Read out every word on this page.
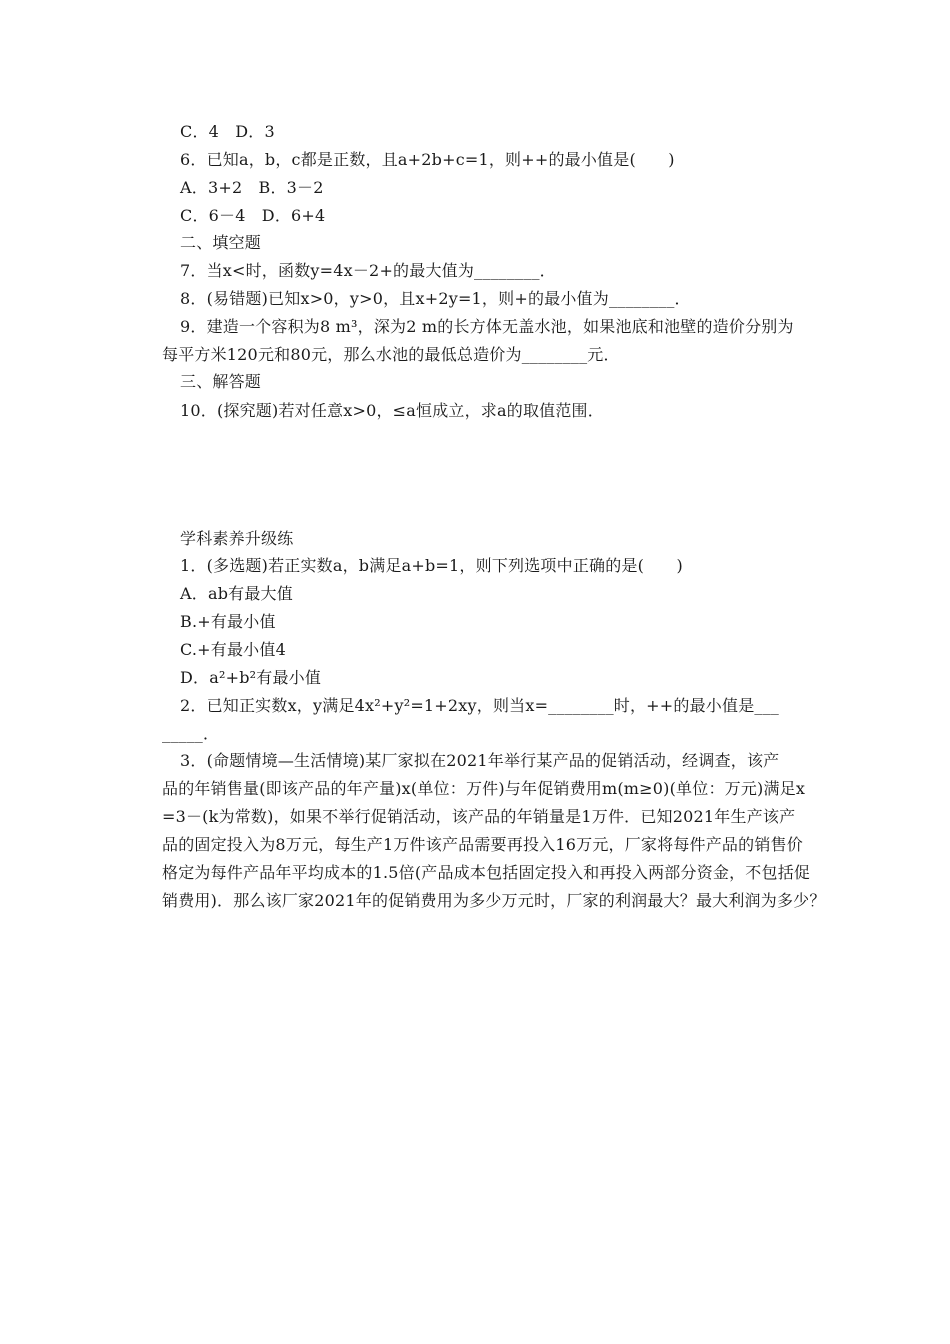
C．4　D．3
6．已知a，b，c都是正数，且a+2b+c=1，则++的最小值是(　　)
A．3+2　B．3－2
C．6－4　D．6+4
二、填空题
7．当x<时，函数y=4x－2+的最大值为________．
8．(易错题)已知x>0，y>0，且x+2y=1，则+的最小值为________．
9．建造一个容积为8 m³，深为2 m的长方体无盖水池，如果池底和池壁的造价分别为
每平方米120元和80元，那么水池的最低总造价为________元．
三、解答题
10．(探究题)若对任意x>0，≤a恒成立，求a的取值范围．
学科素养升级练
1．(多选题)若正实数a，b满足a+b=1，则下列选项中正确的是(　　)
A．ab有最大值
B.+有最小值
C.+有最小值4
D．a²+b²有最小值
2．已知正实数x，y满足4x²+y²=1+2xy，则当x=________时，++的最小值是___
_____．
3．(命题情境—生活情境)某厂家拟在2021年举行某产品的促销活动，经调查，该产
品的年销售量(即该产品的年产量)x(单位：万件)与年促销费用m(m≥0)(单位：万元)满足x
=3－(k为常数)，如果不举行促销活动，该产品的年销量是1万件．已知2021年生产该产
品的固定投入为8万元，每生产1万件该产品需要再投入16万元，厂家将每件产品的销售价
格定为每件产品年平均成本的1.5倍(产品成本包括固定投入和再投入两部分资金，不包括促
销费用)．那么该厂家2021年的促销费用为多少万元时，厂家的利润最大？最大利润为多少？
